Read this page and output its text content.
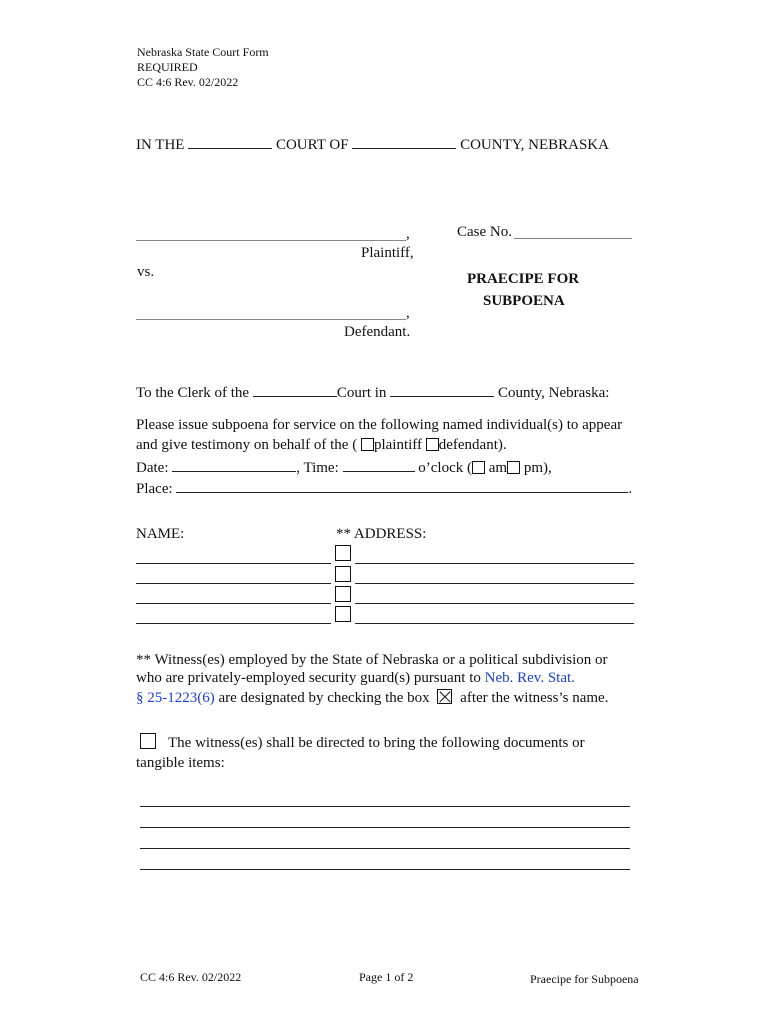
Nebraska State Court Form
REQUIRED
CC 4:6 Rev. 02/2022
IN THE	COURT OF	COUNTY, NEBRASKA
,
Plaintiff,
Case No.
vs.	PRAECIPE FOR
SUBPOENA
,
Defendant.
To the Clerk of the	Court in	County, Nebraska:
Please issue subpoena for service on the following named individual(s) to appear
and give testimony on behalf of the ( plaintiff defendant).
Date:	, Time:	o’clock ( am pm),
Place:	.
NAME:	** ADDRESS:
** Witness(es) employed by the State of Nebraska or a political subdivision or
who are privately-employed security guard(s) pursuant to Neb. Rev. Stat.
§ 25-1223(6) are designated by checking the box after the witness’s name.
The witness(es) shall be directed to bring the following documents or
tangible items:
CC 4:6 Rev. 02/2022	Page 1 of 2	Praecipe for Subpoena
